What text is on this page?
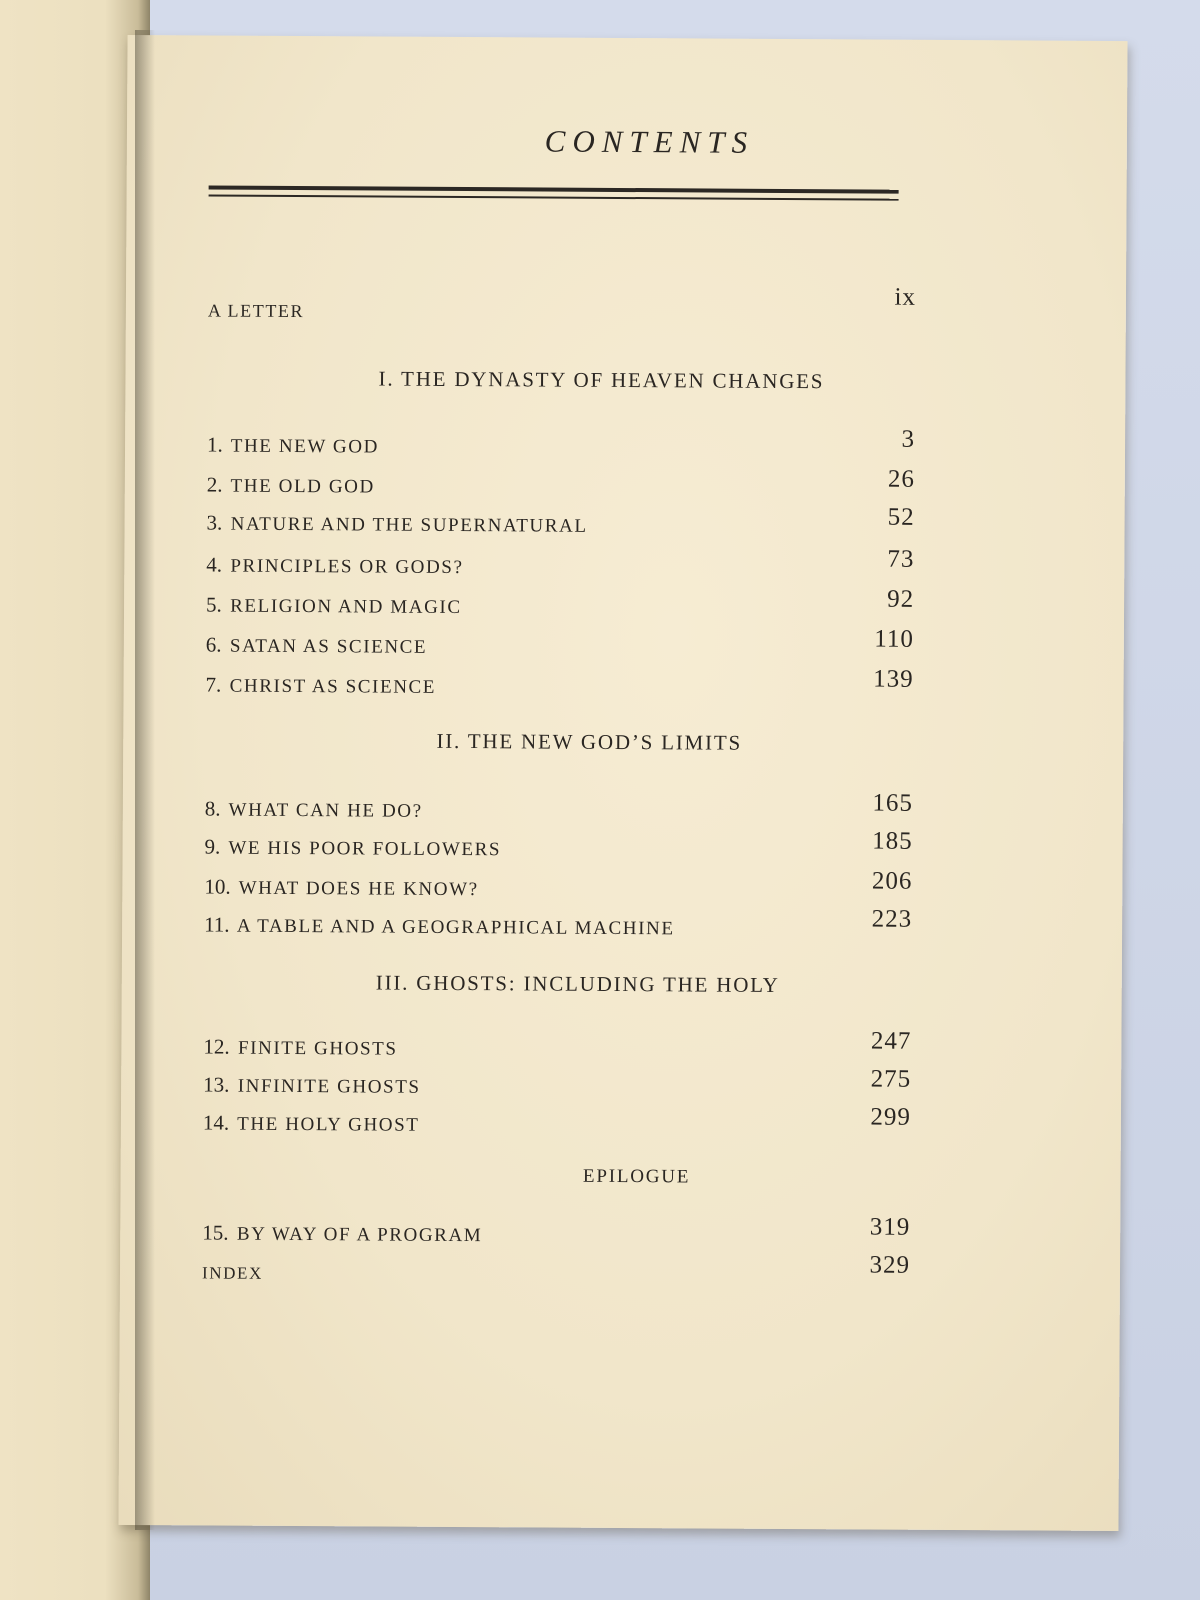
CONTENTS
A LETTER	ix
I. THE DYNASTY OF HEAVEN CHANGES
1. THE NEW GOD	3
2. THE OLD GOD	26
3. NATURE AND THE SUPERNATURAL	52
4. PRINCIPLES OR GODS?	73
5. RELIGION AND MAGIC	92
6. SATAN AS SCIENCE	110
7. CHRIST AS SCIENCE	139
II. THE NEW GOD’S LIMITS
8. WHAT CAN HE DO?	165
9. WE HIS POOR FOLLOWERS	185
10. WHAT DOES HE KNOW?	206
11. A TABLE AND A GEOGRAPHICAL MACHINE	223
III. GHOSTS: INCLUDING THE HOLY
12. FINITE GHOSTS	247
13. INFINITE GHOSTS	275
14. THE HOLY GHOST	299
EPILOGUE
15. BY WAY OF A PROGRAM	319
INDEX	329
